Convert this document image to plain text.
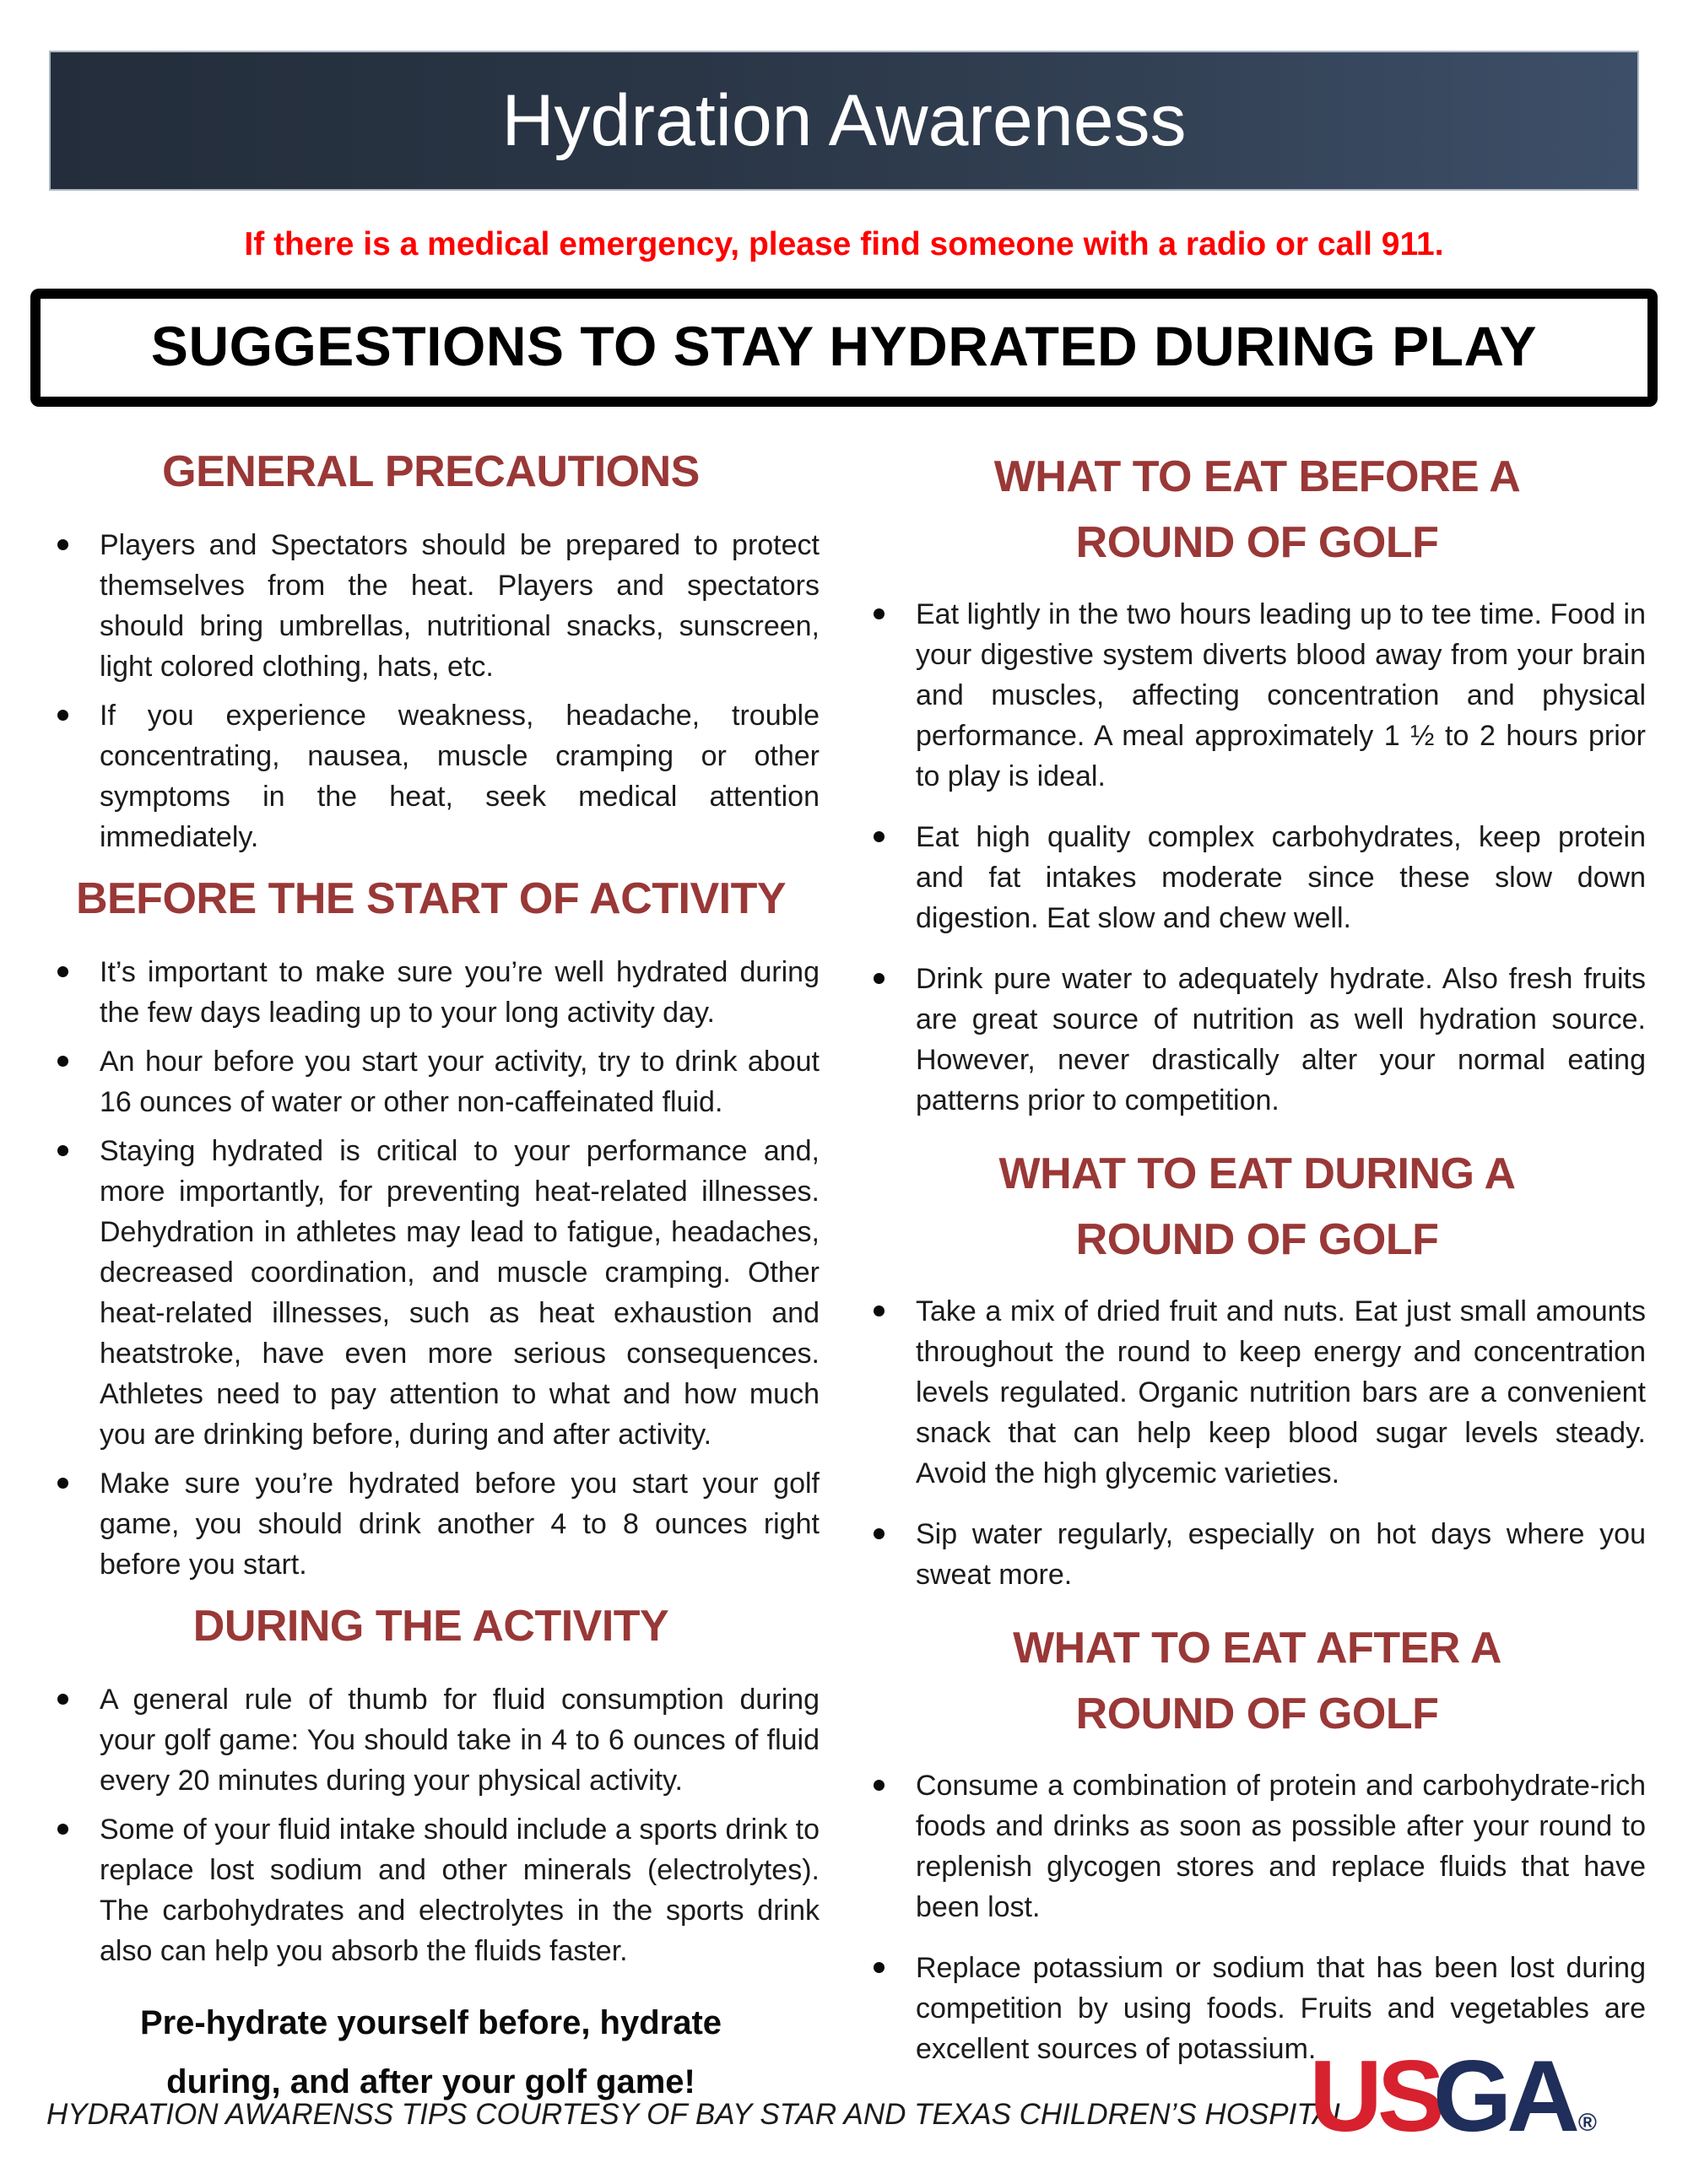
Hydration Awareness

If there is a medical emergency, please find someone with a radio or call 911.

SUGGESTIONS TO STAY HYDRATED DURING PLAY
GENERAL PRECAUTIONS
Players and Spectators should be prepared to protect themselves from the heat. Players and spectators should bring umbrellas, nutritional snacks, sunscreen, light colored clothing, hats, etc.
If you experience weakness, headache, trouble concentrating, nausea, muscle cramping or other symptoms in the heat, seek medical attention immediately.
BEFORE THE START OF ACTIVITY
It’s important to make sure you’re well hydrated during the few days leading up to your long activity day.
An hour before you start your activity, try to drink about 16 ounces of water or other non-caffeinated fluid.
Staying hydrated is critical to your performance and, more importantly, for preventing heat-related illnesses. Dehydration in athletes may lead to fatigue, headaches, decreased coordination, and muscle cramping. Other heat-related illnesses, such as heat exhaustion and heatstroke, have even more serious consequences. Athletes need to pay attention to what and how much you are drinking before, during and after activity.
Make sure you’re hydrated before you start your golf game, you should drink another 4 to 8 ounces right before you start.
DURING THE ACTIVITY
A general rule of thumb for fluid consumption during your golf game: You should take in 4 to 6 ounces of fluid every 20 minutes during your physical activity.
Some of your fluid intake should include a sports drink to replace lost sodium and other minerals (electrolytes). The carbohydrates and electrolytes in the sports drink also can help you absorb the fluids faster.

Pre-hydrate yourself before, hydrate during, and after your golf game!

WHAT TO EAT BEFORE A ROUND OF GOLF
Eat lightly in the two hours leading up to tee time. Food in your digestive system diverts blood away from your brain and muscles, affecting concentration and physical performance. A meal approximately 1 ½ to 2 hours prior to play is ideal.
Eat high quality complex carbohydrates, keep protein and fat intakes moderate since these slow down digestion. Eat slow and chew well.
Drink pure water to adequately hydrate. Also fresh fruits are great source of nutrition as well hydration source. However, never drastically alter your normal eating patterns prior to competition.
WHAT TO EAT DURING A ROUND OF GOLF
Take a mix of dried fruit and nuts. Eat just small amounts throughout the round to keep energy and concentration levels regulated. Organic nutrition bars are a convenient snack that can help keep blood sugar levels steady. Avoid the high glycemic varieties.
Sip water regularly, especially on hot days where you sweat more.
WHAT TO EAT AFTER A ROUND OF GOLF
Consume a combination of protein and carbohydrate-rich foods and drinks as soon as possible after your round to replenish glycogen stores and replace fluids that have been lost.
Replace potassium or sodium that has been lost during competition by using foods. Fruits and vegetables are excellent sources of potassium.

HYDRATION AWARENSS TIPS COURTESY OF BAY STAR AND TEXAS CHILDREN’S HOSPITAL.

USGA ®
